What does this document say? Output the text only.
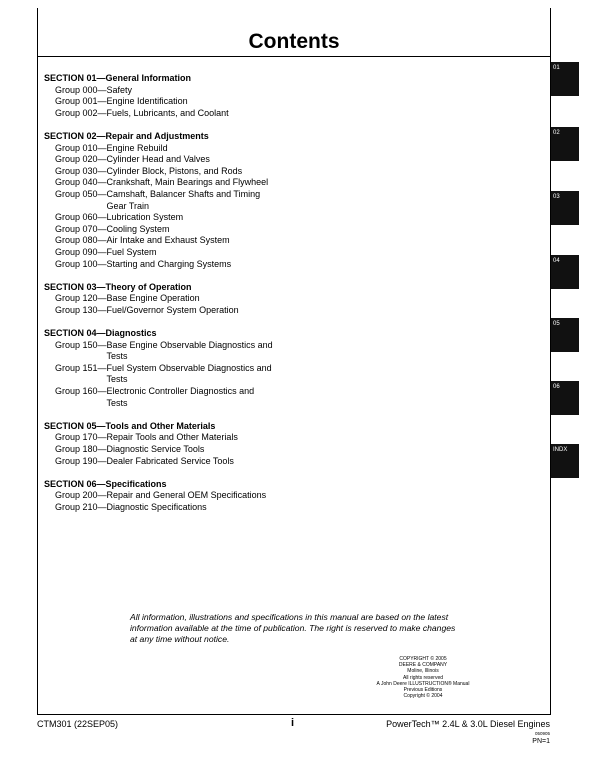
Contents
SECTION 01—General Information
Group 000— Safety
Group 001— Engine Identification
Group 002— Fuels, Lubricants, and Coolant
SECTION 02—Repair and Adjustments
Group 010— Engine Rebuild
Group 020— Cylinder Head and Valves
Group 030— Cylinder Block, Pistons, and Rods
Group 040— Crankshaft, Main Bearings and Flywheel
Group 050— Camshaft, Balancer Shafts and Timing Gear Train
Group 060— Lubrication System
Group 070— Cooling System
Group 080— Air Intake and Exhaust System
Group 090— Fuel System
Group 100— Starting and Charging Systems
SECTION 03—Theory of Operation
Group 120— Base Engine Operation
Group 130— Fuel/Governor System Operation
SECTION 04—Diagnostics
Group 150— Base Engine Observable Diagnostics and Tests
Group 151— Fuel System Observable Diagnostics and Tests
Group 160— Electronic Controller Diagnostics and Tests
SECTION 05—Tools and Other Materials
Group 170— Repair Tools and Other Materials
Group 180— Diagnostic Service Tools
Group 190— Dealer Fabricated Service Tools
SECTION 06—Specifications
Group 200— Repair and General OEM Specifications
Group 210— Diagnostic Specifications
01
02
03
04
05
06
INDX

All information, illustrations and specifications in this manual are based on the latest information available at the time of publication. The right is reserved to make changes at any time without notice.

COPYRIGHT © 2005
DEERE & COMPANY
Moline, Illinois
All rights reserved
A John Deere ILLUSTRUCTION® Manual
Previous Editions
Copyright © 2004
CTM301 (22SEP05)	i	PowerTech™ 2.4L & 3.0L Diesel Engines
050905
PN=1
